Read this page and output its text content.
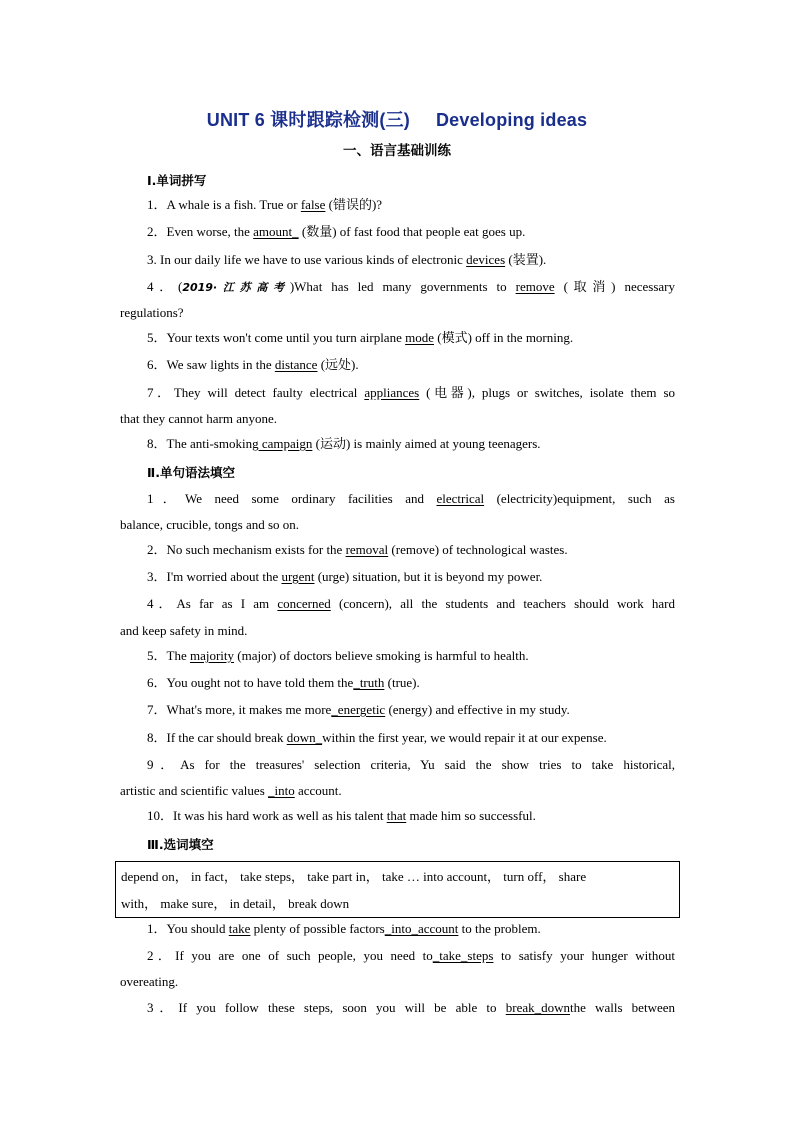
UNIT 6 课时跟踪检测(三) Developing ideas
一、语言基础训练
Ⅰ.单词拼写
1．A whale is a fish. True or false (错误的)?
2．Even worse, the amount_ (数量) of fast food that people eat goes up.
3. In our daily life we have to use various kinds of electronic devices (装置).
4．(2019·江苏高考)What has led many governments to remove (取消) necessary
regulations?
5．Your texts won't come until you turn airplane mode (模式) off in the morning.
6．We saw lights in the distance (远处).
7．They will detect faulty electrical appliances (电器), plugs or switches, isolate them so
that they cannot harm anyone.
8．The anti-smoking campaign (运动) is mainly aimed at young teenagers.
Ⅱ.单句语法填空
1．We need some ordinary facilities and electrical (electricity)equipment, such as
balance, crucible, tongs and so on.
2．No such mechanism exists for the removal (remove) of technological wastes.
3．I'm worried about the urgent (urge) situation, but it is beyond my power.
4．As far as I am concerned (concern), all the students and teachers should work hard
and keep safety in mind.
5．The majority (major) of doctors believe smoking is harmful to health.
6．You ought not to have told them the_truth (true).
7．What's more, it makes me more_energetic (energy) and effective in my study.
8．If the car should break down_within the first year, we would repair it at our expense.
9．As for the treasures' selection criteria, Yu said the show tries to take historical,
artistic and scientific values _into account.
10．It was his hard work as well as his talent that made him so successful.
Ⅲ.选词填空
depend on， in fact， take steps， take part in， take … into account， turn off， share
with， make sure， in detail， break down
1．You should take plenty of possible factors_into_account to the problem.
2．If you are one of such people, you need to_take_steps to satisfy your hunger without
overeating.
3．If you follow these steps, soon you will be able to break_downthe walls between
